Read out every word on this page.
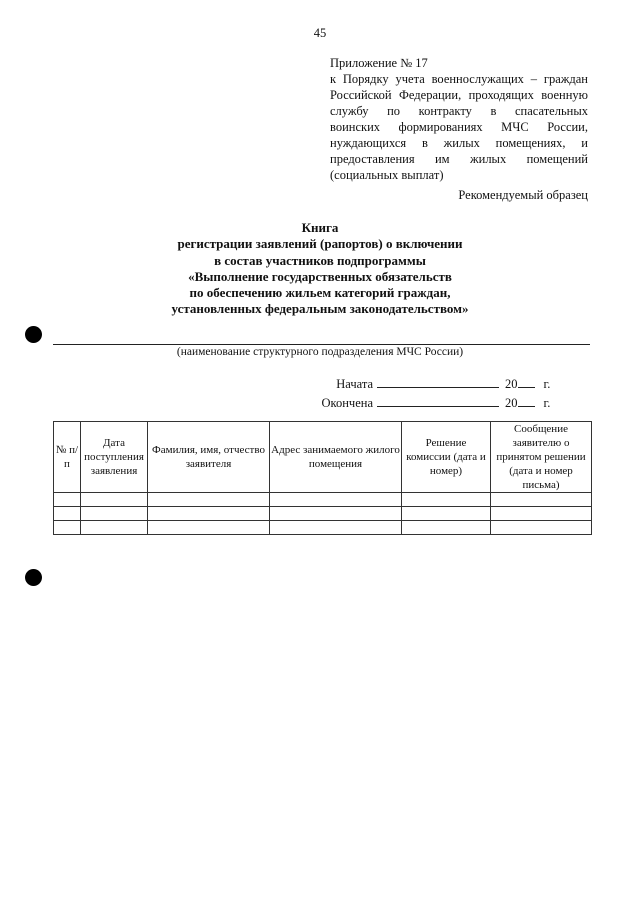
45
Приложение № 17
к Порядку учета военнослужащих – граждан
Российской Федерации, проходящих военную
службу по контракту в спасательных
воинских формированиях МЧС России,
нуждающихся в жилых помещениях, и
предоставления им жилых помещений
(социальных выплат)
Рекомендуемый образец
Книга
регистрации заявлений (рапортов) о включении
в состав участников подпрограммы
«Выполнение государственных обязательств
по обеспечению жильем категорий граждан,
установленных федеральным законодательством»
(наименование структурного подразделения МЧС России)
Начата	20 г.
Окончена	20 г.
№ п/п	Дата поступления заявления	Фамилия, имя, отчество заявителя	Адрес занимаемого жилого помещения	Решение комиссии (дата и номер)	Сообщение заявителю о принятом решении (дата и номер письма)
